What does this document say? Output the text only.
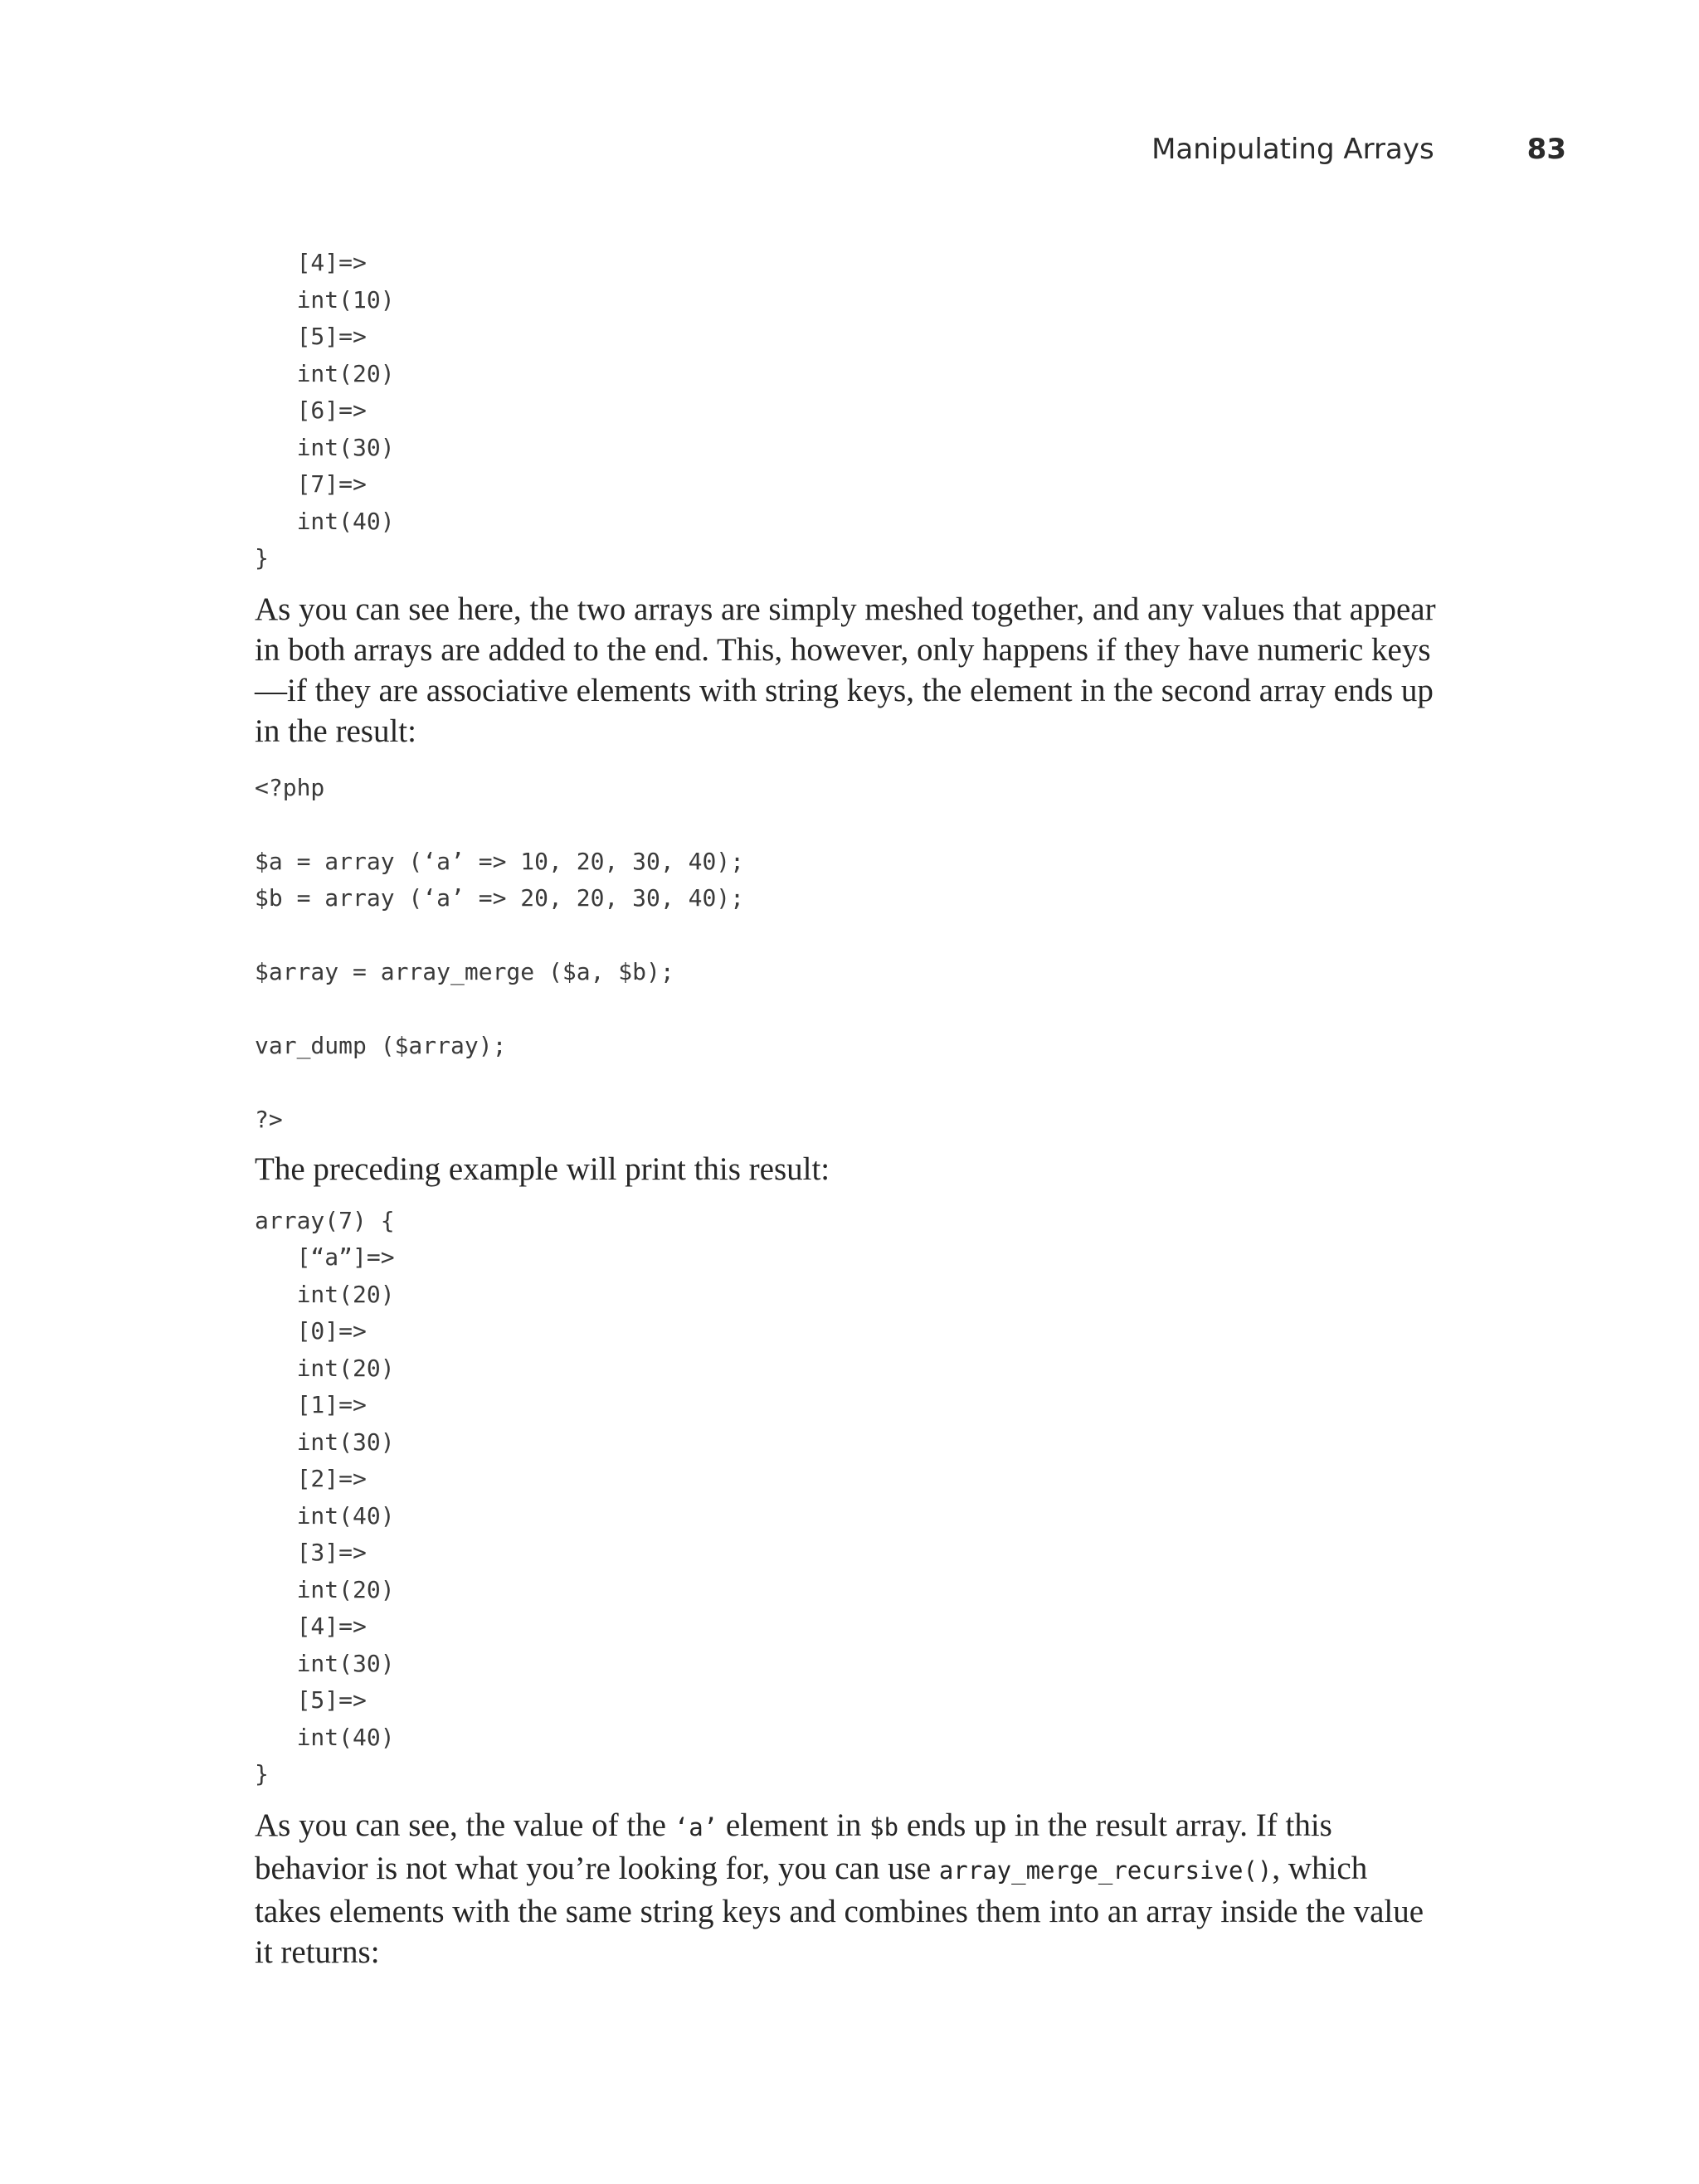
Manipulating Arrays	83
[4]=>
int(10)
[5]=>
int(20)
[6]=>
int(30)
[7]=>
int(40)
}

As you can see here, the two arrays are simply meshed together, and any values that appear in both arrays are added to the end. This, however, only happens if they have numeric keys—if they are associative elements with string keys, the element in the second array ends up in the result:

<?php
$a = array (‘a’ => 10, 20, 30, 40);
$b = array (‘a’ => 20, 20, 30, 40);
$array = array_merge ($a, $b);
var_dump ($array);
?>

The preceding example will print this result:

array(7) {
[“a”]=>
int(20)
[0]=>
int(20)
[1]=>
int(30)
[2]=>
int(40)
[3]=>
int(20)
[4]=>
int(30)
[5]=>
int(40)
}

As you can see, the value of the ‘a’ element in $b ends up in the result array. If this behavior is not what you’re looking for, you can use array_merge_recursive(), which takes elements with the same string keys and combines them into an array inside the value it returns:
